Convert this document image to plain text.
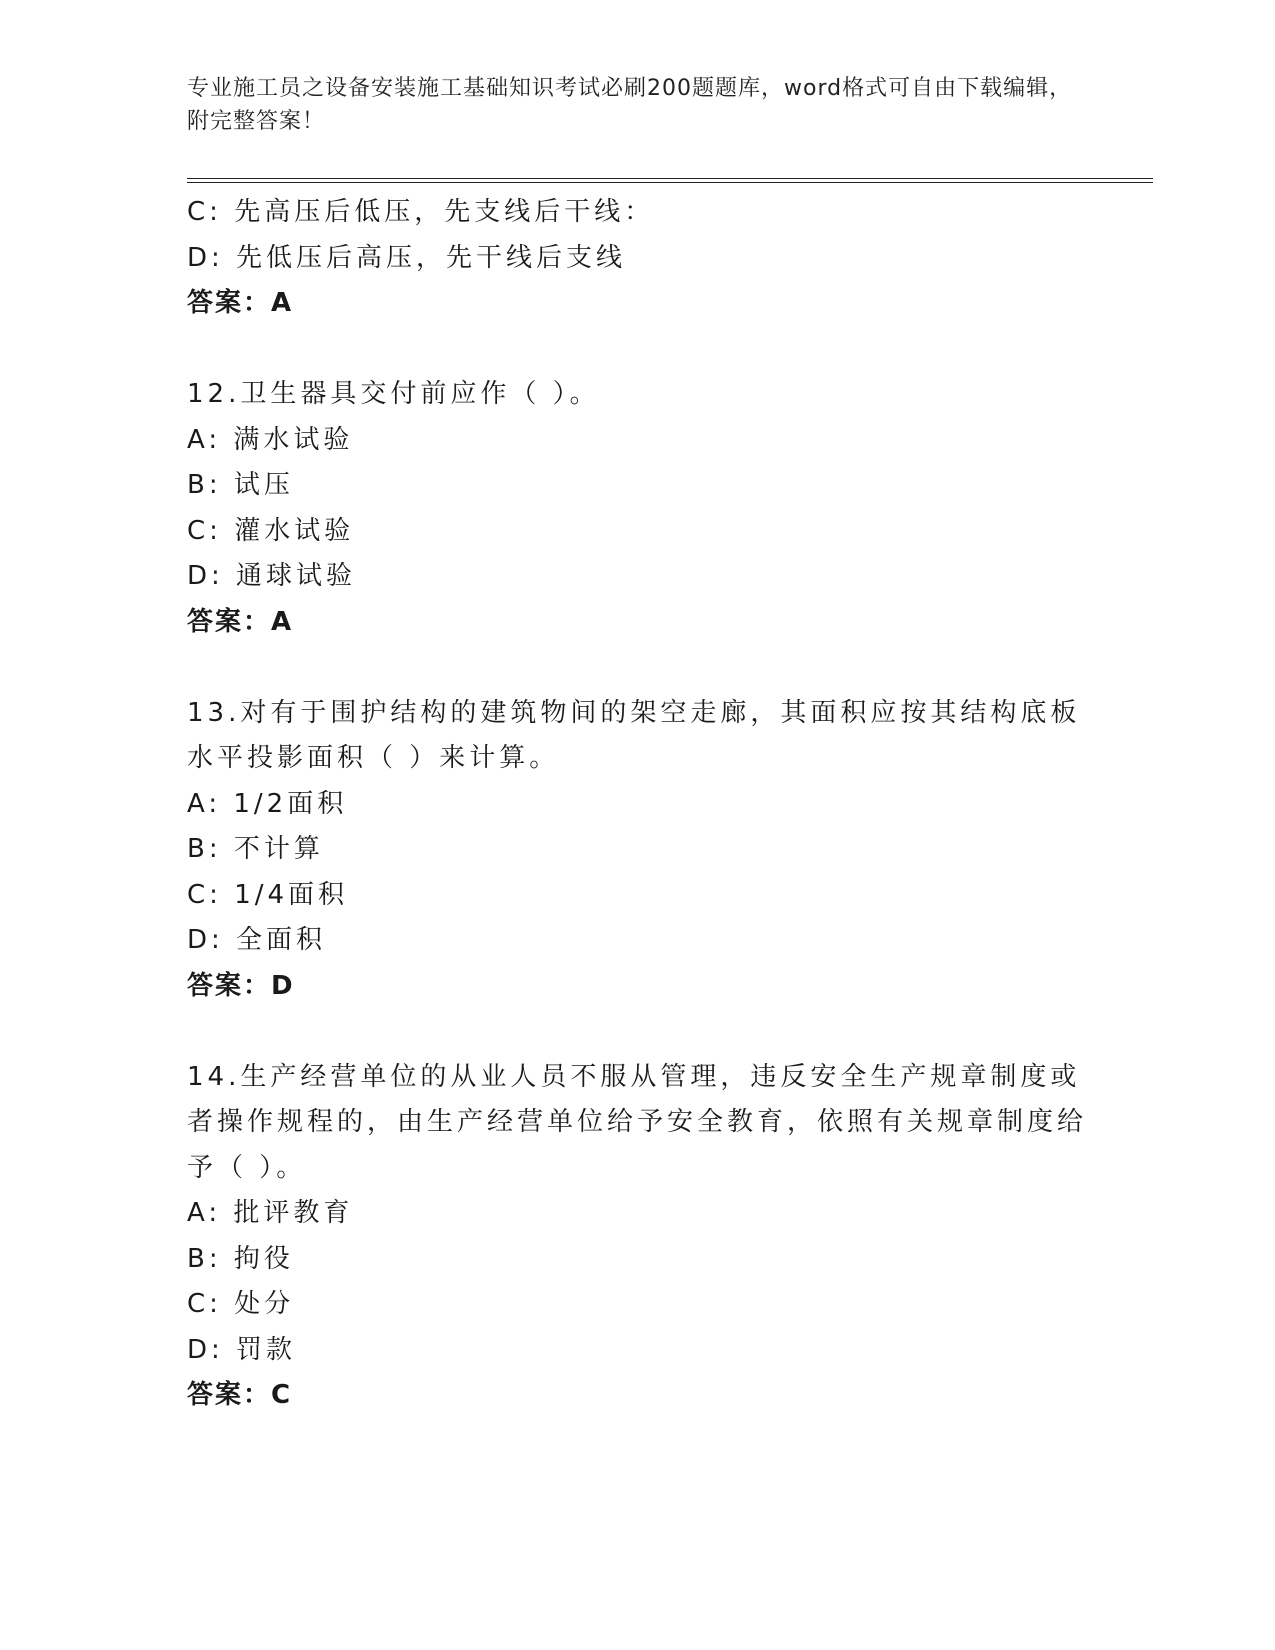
专业施工员之设备安装施工基础知识考试必刷200题题库，word格式可自由下载编辑，附完整答案！
C: 先高压后低压，先支线后干线：
D: 先低压后高压，先干线后支线
答案：A
12.卫生器具交付前应作（ ）。
A: 满水试验
B: 试压
C: 灌水试验
D: 通球试验
答案：A
13.对有于围护结构的建筑物间的架空走廊，其面积应按其结构底板水平投影面积（ ）来计算。
A: 1/2面积
B: 不计算
C: 1/4面积
D: 全面积
答案：D
14.生产经营单位的从业人员不服从管理，违反安全生产规章制度或者操作规程的，由生产经营单位给予安全教育，依照有关规章制度给予（ ）。
A: 批评教育
B: 拘役
C: 处分
D: 罚款
答案：C
